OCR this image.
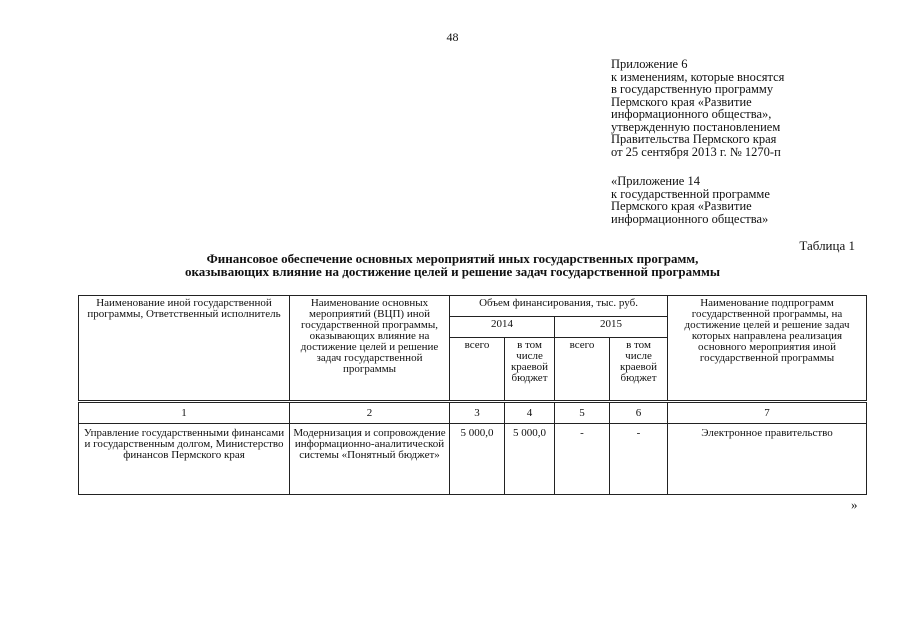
48
Приложение 6
к изменениям, которые вносятся
в государственную программу
Пермского края «Развитие
информационного общества»,
утвержденную постановлением
Правительства Пермского края
от 25 сентября 2013 г. № 1270-п
«Приложение 14
к государственной программе
Пермского края «Развитие
информационного общества»
Таблица 1
Финансовое обеспечение основных мероприятий иных государственных программ,
оказывающих влияние на достижение целей и решение задач государственной программы
Наименование иной государственной программы, Ответственный исполнитель	Наименование основных мероприятий (ВЦП) иной государственной программы, оказывающих влияние на достижение целей и решение задач государственной программы	Объем финансирования, тыс. руб.				Наименование подпрограмм государственной программы, на достижение целей и решение задач которых направлена реализация основного мероприятия иной государственной программы
		2014		2015		
		всего	в том числе краевой бюджет	всего	в том числе краевой бюджет	
1	2	3	4	5	6	7
Управление государственными финансами и государственным долгом, Министерство финансов Пермского края	Модернизация и сопровождение информационно-аналитической системы «Понятный бюджет»	5 000,0	5 000,0	-	-	Электронное правительство
»
